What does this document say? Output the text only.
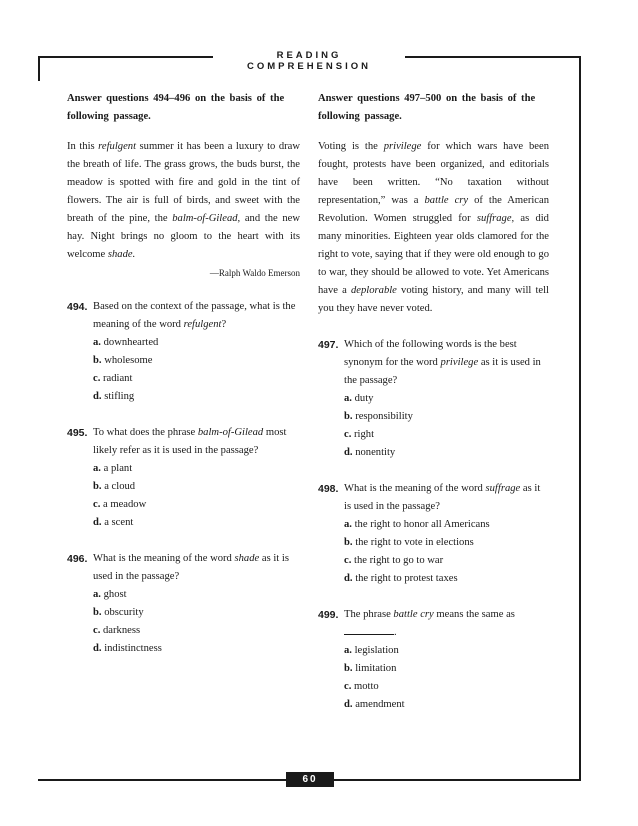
READING COMPREHENSION
Answer questions 494–496 on the basis of the following passage.

In this refulgent summer it has been a luxury to draw the breath of life. The grass grows, the buds burst, the meadow is spotted with fire and gold in the tint of flowers. The air is full of birds, and sweet with the breath of the pine, the balm-of-Gilead, and the new hay. Night brings no gloom to the heart with its welcome shade.

—Ralph Waldo Emerson
494. Based on the context of the passage, what is the meaning of the word refulgent?
a. downhearted
b. wholesome
c. radiant
d. stifling
495. To what does the phrase balm-of-Gilead most likely refer as it is used in the passage?
a. a plant
b. a cloud
c. a meadow
d. a scent
496. What is the meaning of the word shade as it is used in the passage?
a. ghost
b. obscurity
c. darkness
d. indistinctness
Answer questions 497–500 on the basis of the following passage.

Voting is the privilege for which wars have been fought, protests have been organized, and editorials have been written. “No taxation without representation,” was a battle cry of the American Revolution. Women struggled for suffrage, as did many minorities. Eighteen year olds clamored for the right to vote, saying that if they were old enough to go to war, they should be allowed to vote. Yet Americans have a deplorable voting history, and many will tell you they have never voted.

497. Which of the following words is the best synonym for the word privilege as it is used in the passage?
a. duty
b. responsibility
c. right
d. nonentity
498. What is the meaning of the word suffrage as it is used in the passage?
a. the right to honor all Americans
b. the right to vote in elections
c. the right to go to war
d. the right to protest taxes
499. The phrase battle cry means the same as .
a. legislation
b. limitation
c. motto
d. amendment
60
